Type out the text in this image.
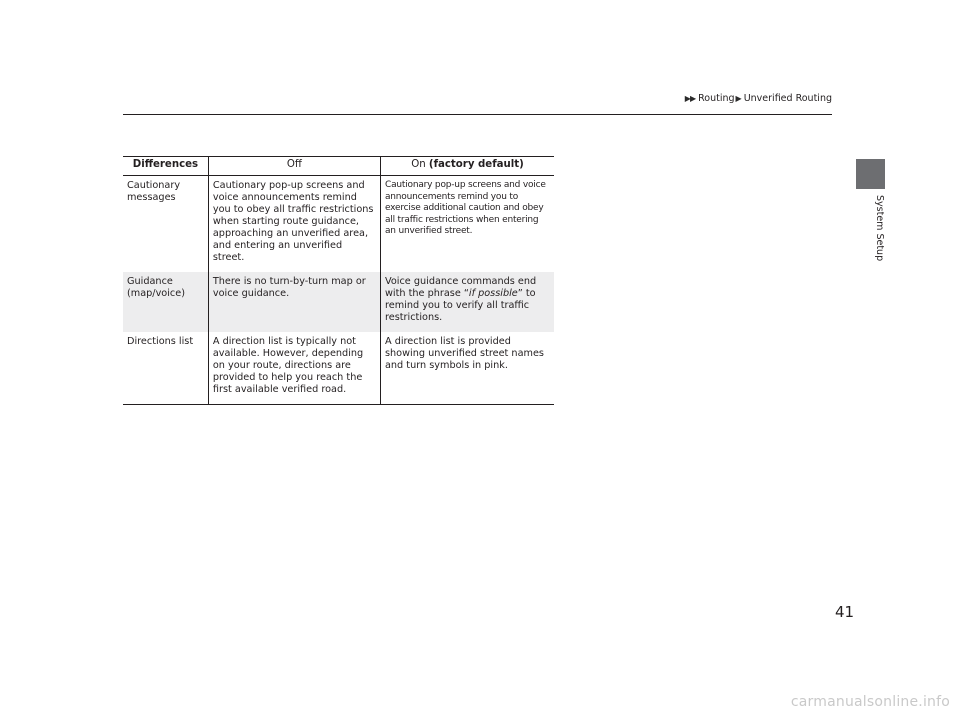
▶▶ Routing ▶ Unverified Routing
System Setup
Differences	Off	On (factory default)
Cautionary messages	Cautionary pop-up screens and voice announcements remind you to obey all traffic restrictions when starting route guidance, approaching an unverified area, and entering an unverified street.	Cautionary pop-up screens and voice announcements remind you to exercise additional caution and obey all traffic restrictions when entering an unverified street.
Guidance (map/voice)	There is no turn-by-turn map or voice guidance.	Voice guidance commands end with the phrase “if possible” to remind you to verify all traffic restrictions.
Directions list	A direction list is typically not available. However, depending on your route, directions are provided to help you reach the first available verified road.	A direction list is provided showing unverified street names and turn symbols in pink.
41
carmanualsonline.info
